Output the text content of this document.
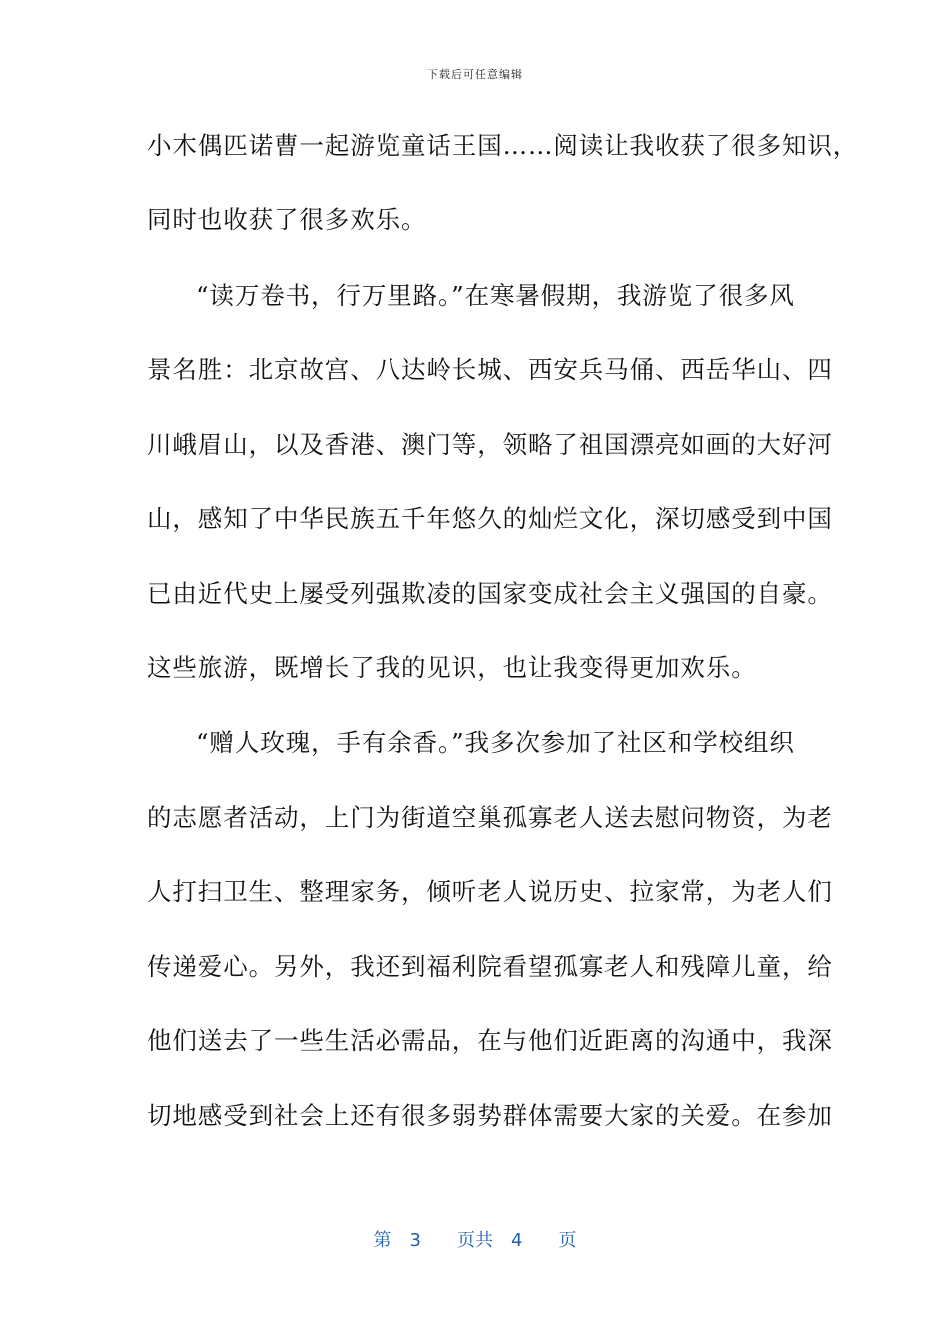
下载后可任意编辑
小木偶匹诺曹一起游览童话王国……阅读让我收获了很多知识，
同时也收获了很多欢乐。
“读万卷书，行万里路。”在寒暑假期，我游览了很多风
景名胜：北京故宫、八达岭长城、西安兵马俑、西岳华山、四
川峨眉山，以及香港、澳门等，领略了祖国漂亮如画的大好河
山，感知了中华民族五千年悠久的灿烂文化，深切感受到中国
已由近代史上屡受列强欺凌的国家变成社会主义强国的自豪。
这些旅游，既增长了我的见识，也让我变得更加欢乐。
“赠人玫瑰，手有余香。”我多次参加了社区和学校组织
的志愿者活动，上门为街道空巢孤寡老人送去慰问物资，为老
人打扫卫生、整理家务，倾听老人说历史、拉家常，为老人们
传递爱心。另外，我还到福利院看望孤寡老人和残障儿童，给
他们送去了一些生活必需品，在与他们近距离的沟通中，我深
切地感受到社会上还有很多弱势群体需要大家的关爱。在参加
第 3 页共 4 页
